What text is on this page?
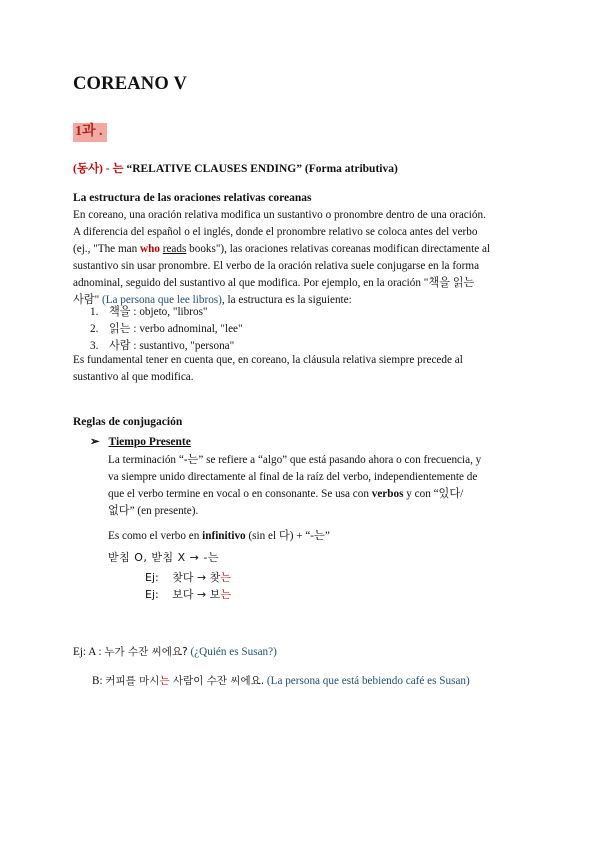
COREANO V
1과 .
(동사) - 는 “RELATIVE CLAUSES ENDING” (Forma atributiva)
La estructura de las oraciones relativas coreanas
En coreano, una oración relativa modifica un sustantivo o pronombre dentro de una oración.
A diferencia del español o el inglés, donde el pronombre relativo se coloca antes del verbo
(ej., "The man who reads books"), las oraciones relativas coreanas modifican directamente al
sustantivo sin usar pronombre. El verbo de la oración relativa suele conjugarse en la forma
adnominal, seguido del sustantivo al que modifica. Por ejemplo, en la oración "책을 읽는
사람" (La persona que lee libros), la estructura es la siguiente:
1. 책을 : objeto, "libros"
2. 읽는 : verbo adnominal, "lee"
3. 사람 : sustantivo, "persona"
Es fundamental tener en cuenta que, en coreano, la cláusula relativa siempre precede al
sustantivo al que modifica.
Reglas de conjugación
➢ Tiempo Presente
La terminación “-는” se refiere a “algo” que está pasando ahora o con frecuencia, y
va siempre unido directamente al final de la raíz del verbo, independientemente de
que el verbo termine en vocal o en consonante. Se usa con verbos y con “있다/
없다” (en presente).
Es como el verbo en infinitivo (sin el 다) + “-는”
받침 O, 받침 X → -는
Ej: 찾다 → 찾는
Ej: 보다 → 보는
Ej: A : 누가 수잔 씨에요? (¿Quién es Susan?)
B: 커피를 마시는 사람이 수잔 씨에요. (La persona que está bebiendo café es Susan)
